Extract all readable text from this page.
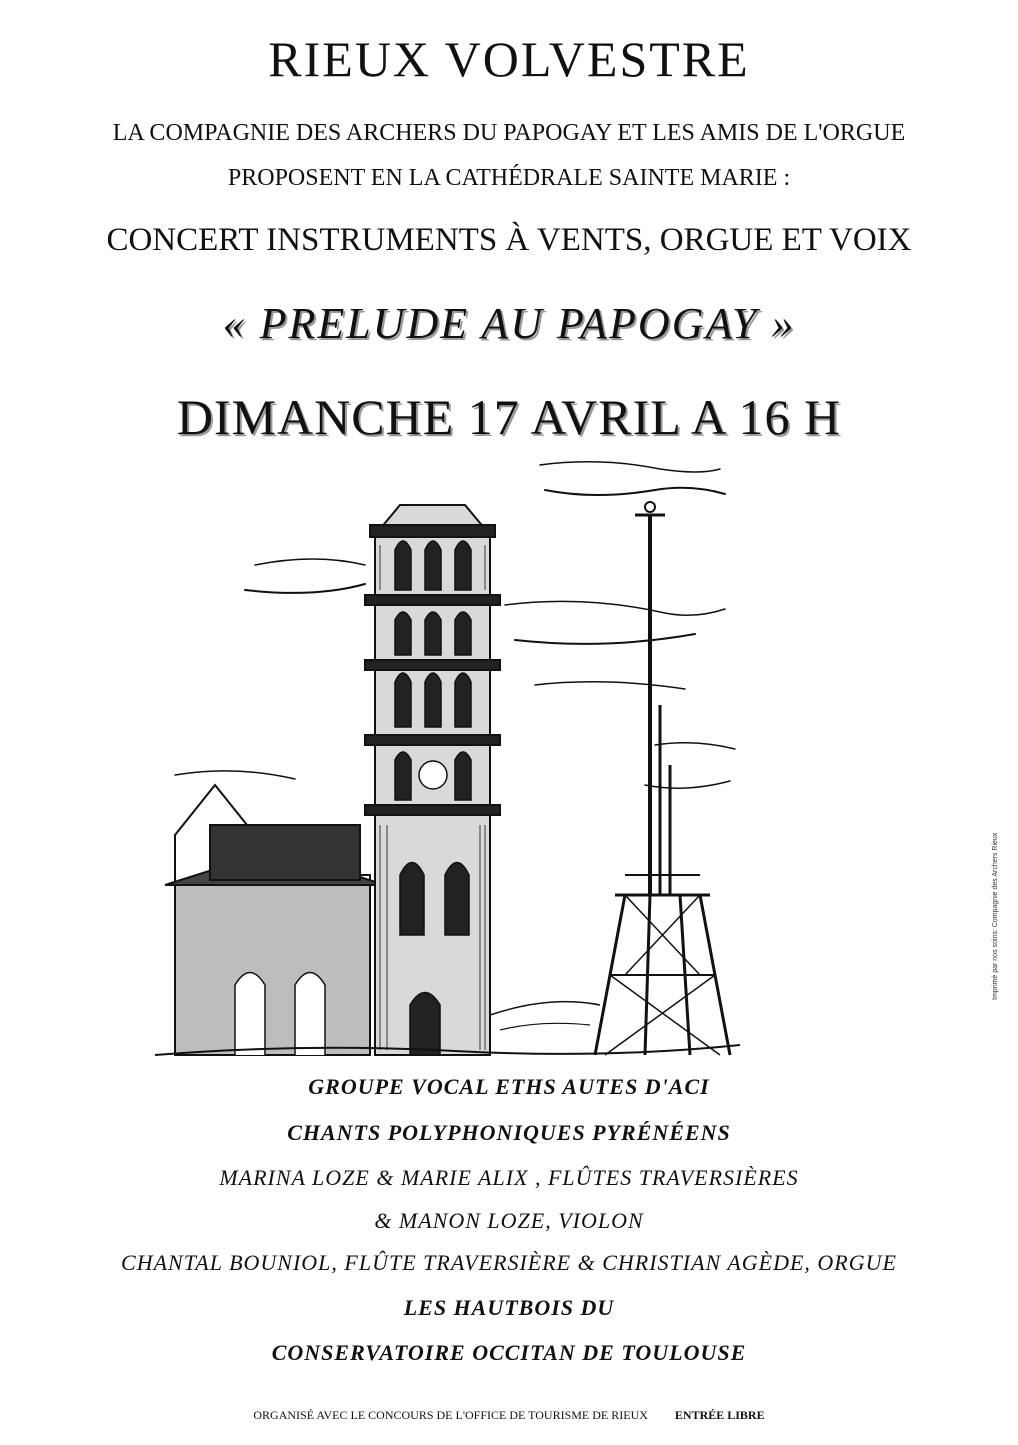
RIEUX VOLVESTRE
LA COMPAGNIE DES ARCHERS DU PAPOGAY ET LES AMIS DE L'ORGUE
PROPOSENT EN LA CATHÉDRALE SAINTE MARIE :
CONCERT INSTRUMENTS À VENTS, ORGUE ET VOIX
« PRELUDE AU PAPOGAY »
DIMANCHE 17 AVRIL A 16 H
GROUPE VOCAL ETHS AUTES D'ACI
CHANTS POLYPHONIQUES PYRÉNÉENS
MARINA LOZE & MARIE ALIX , FLÛTES TRAVERSIÈRES
& MANON LOZE, VIOLON
CHANTAL BOUNIOL, FLÛTE TRAVERSIÈRE & CHRISTIAN AGÈDE, ORGUE
LES HAUTBOIS DU
CONSERVATOIRE OCCITAN DE TOULOUSE
ORGANISÉ AVEC LE CONCOURS DE L'OFFICE DE TOURISME DE RIEUX ENTRÉE LIBRE
Imprimé par nos soins: Compagnie des Archers Rieux
